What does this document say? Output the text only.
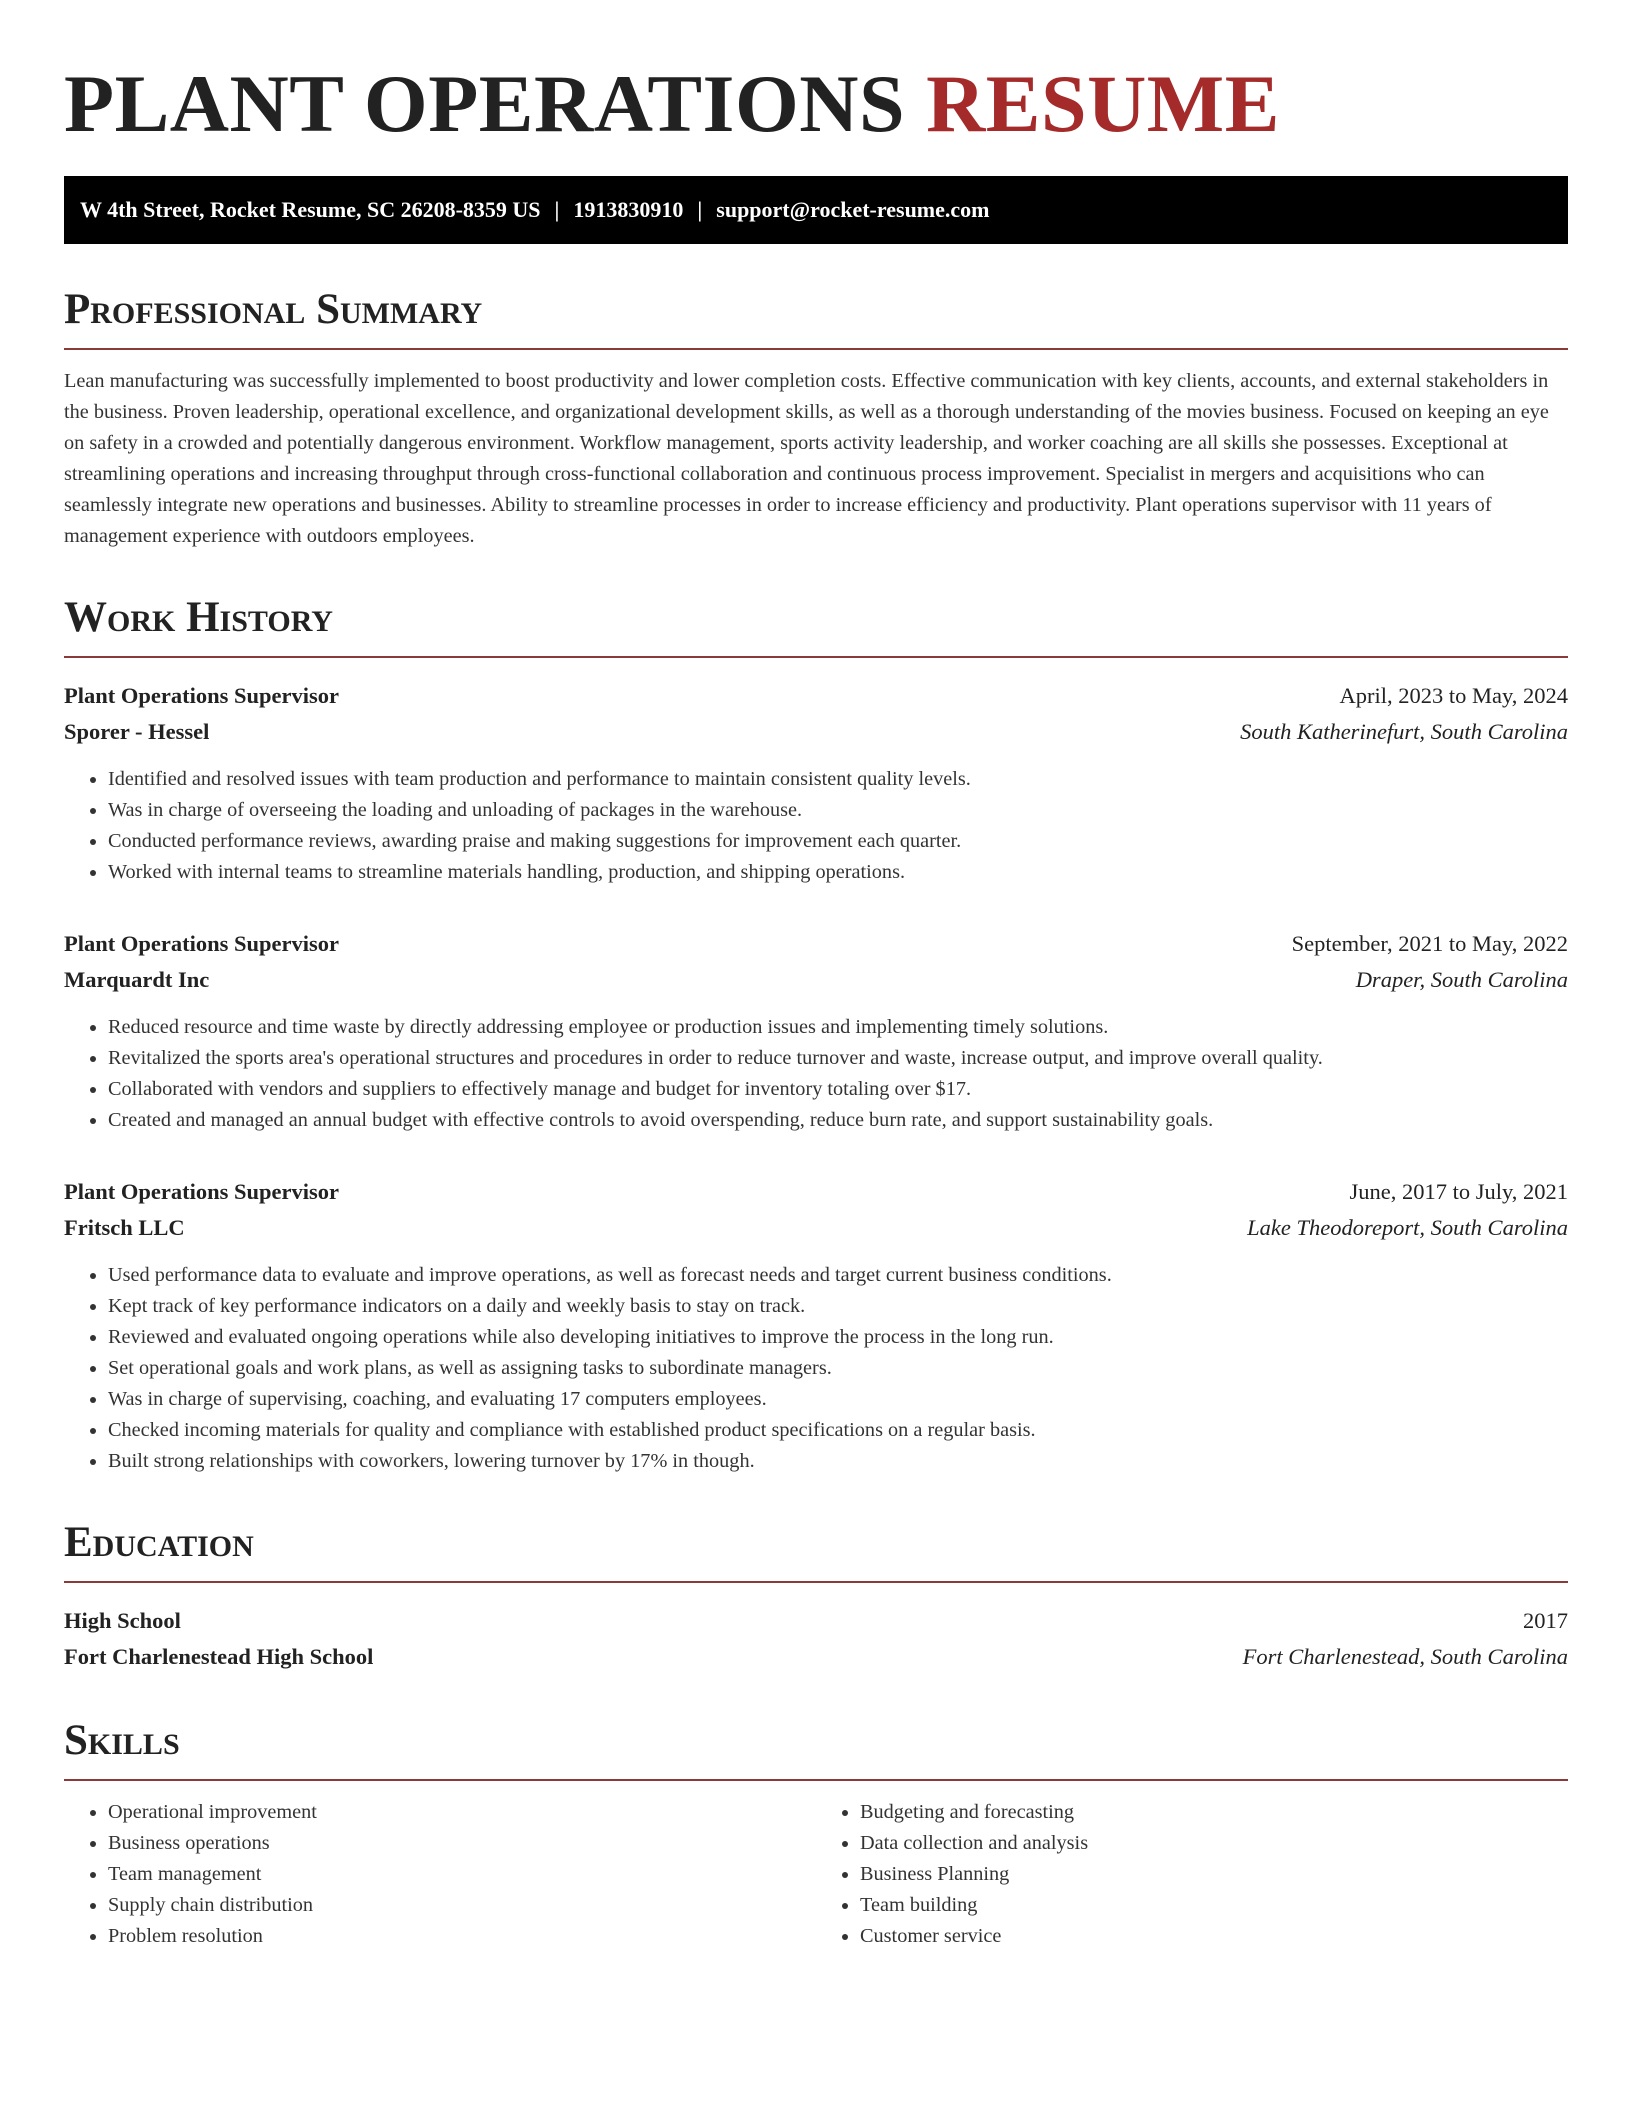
PLANT OPERATIONS RESUME
W 4th Street, Rocket Resume, SC 26208-8359 US | 1913830910 | support@rocket-resume.com
Professional Summary

Lean manufacturing was successfully implemented to boost productivity and lower completion costs. Effective communication with key clients, accounts, and external stakeholders in the business. Proven leadership, operational excellence, and organizational development skills, as well as a thorough understanding of the movies business. Focused on keeping an eye on safety in a crowded and potentially dangerous environment. Workflow management, sports activity leadership, and worker coaching are all skills she possesses. Exceptional at streamlining operations and increasing throughput through cross-functional collaboration and continuous process improvement. Specialist in mergers and acquisitions who can seamlessly integrate new operations and businesses. Ability to streamline processes in order to increase efficiency and productivity. Plant operations supervisor with 11 years of management experience with outdoors employees.

Work History
Plant Operations Supervisor	April, 2023 to May, 2024
Sporer - Hessel	South Katherinefurt, South Carolina
• Identified and resolved issues with team production and performance to maintain consistent quality levels.
• Was in charge of overseeing the loading and unloading of packages in the warehouse.
• Conducted performance reviews, awarding praise and making suggestions for improvement each quarter.
• Worked with internal teams to streamline materials handling, production, and shipping operations.
Plant Operations Supervisor	September, 2021 to May, 2022
Marquardt Inc	Draper, South Carolina
• Reduced resource and time waste by directly addressing employee or production issues and implementing timely solutions.
• Revitalized the sports area's operational structures and procedures in order to reduce turnover and waste, increase output, and improve overall quality.
• Collaborated with vendors and suppliers to effectively manage and budget for inventory totaling over $17.
• Created and managed an annual budget with effective controls to avoid overspending, reduce burn rate, and support sustainability goals.
Plant Operations Supervisor	June, 2017 to July, 2021
Fritsch LLC	Lake Theodoreport, South Carolina
• Used performance data to evaluate and improve operations, as well as forecast needs and target current business conditions.
• Kept track of key performance indicators on a daily and weekly basis to stay on track.
• Reviewed and evaluated ongoing operations while also developing initiatives to improve the process in the long run.
• Set operational goals and work plans, as well as assigning tasks to subordinate managers.
• Was in charge of supervising, coaching, and evaluating 17 computers employees.
• Checked incoming materials for quality and compliance with established product specifications on a regular basis.
• Built strong relationships with coworkers, lowering turnover by 17% in though.
Education
High School	2017
Fort Charlenestead High School	Fort Charlenestead, South Carolina
Skills
• Operational improvement
• Business operations
• Team management
• Supply chain distribution
• Problem resolution
• Budgeting and forecasting
• Data collection and analysis
• Business Planning
• Team building
• Customer service
